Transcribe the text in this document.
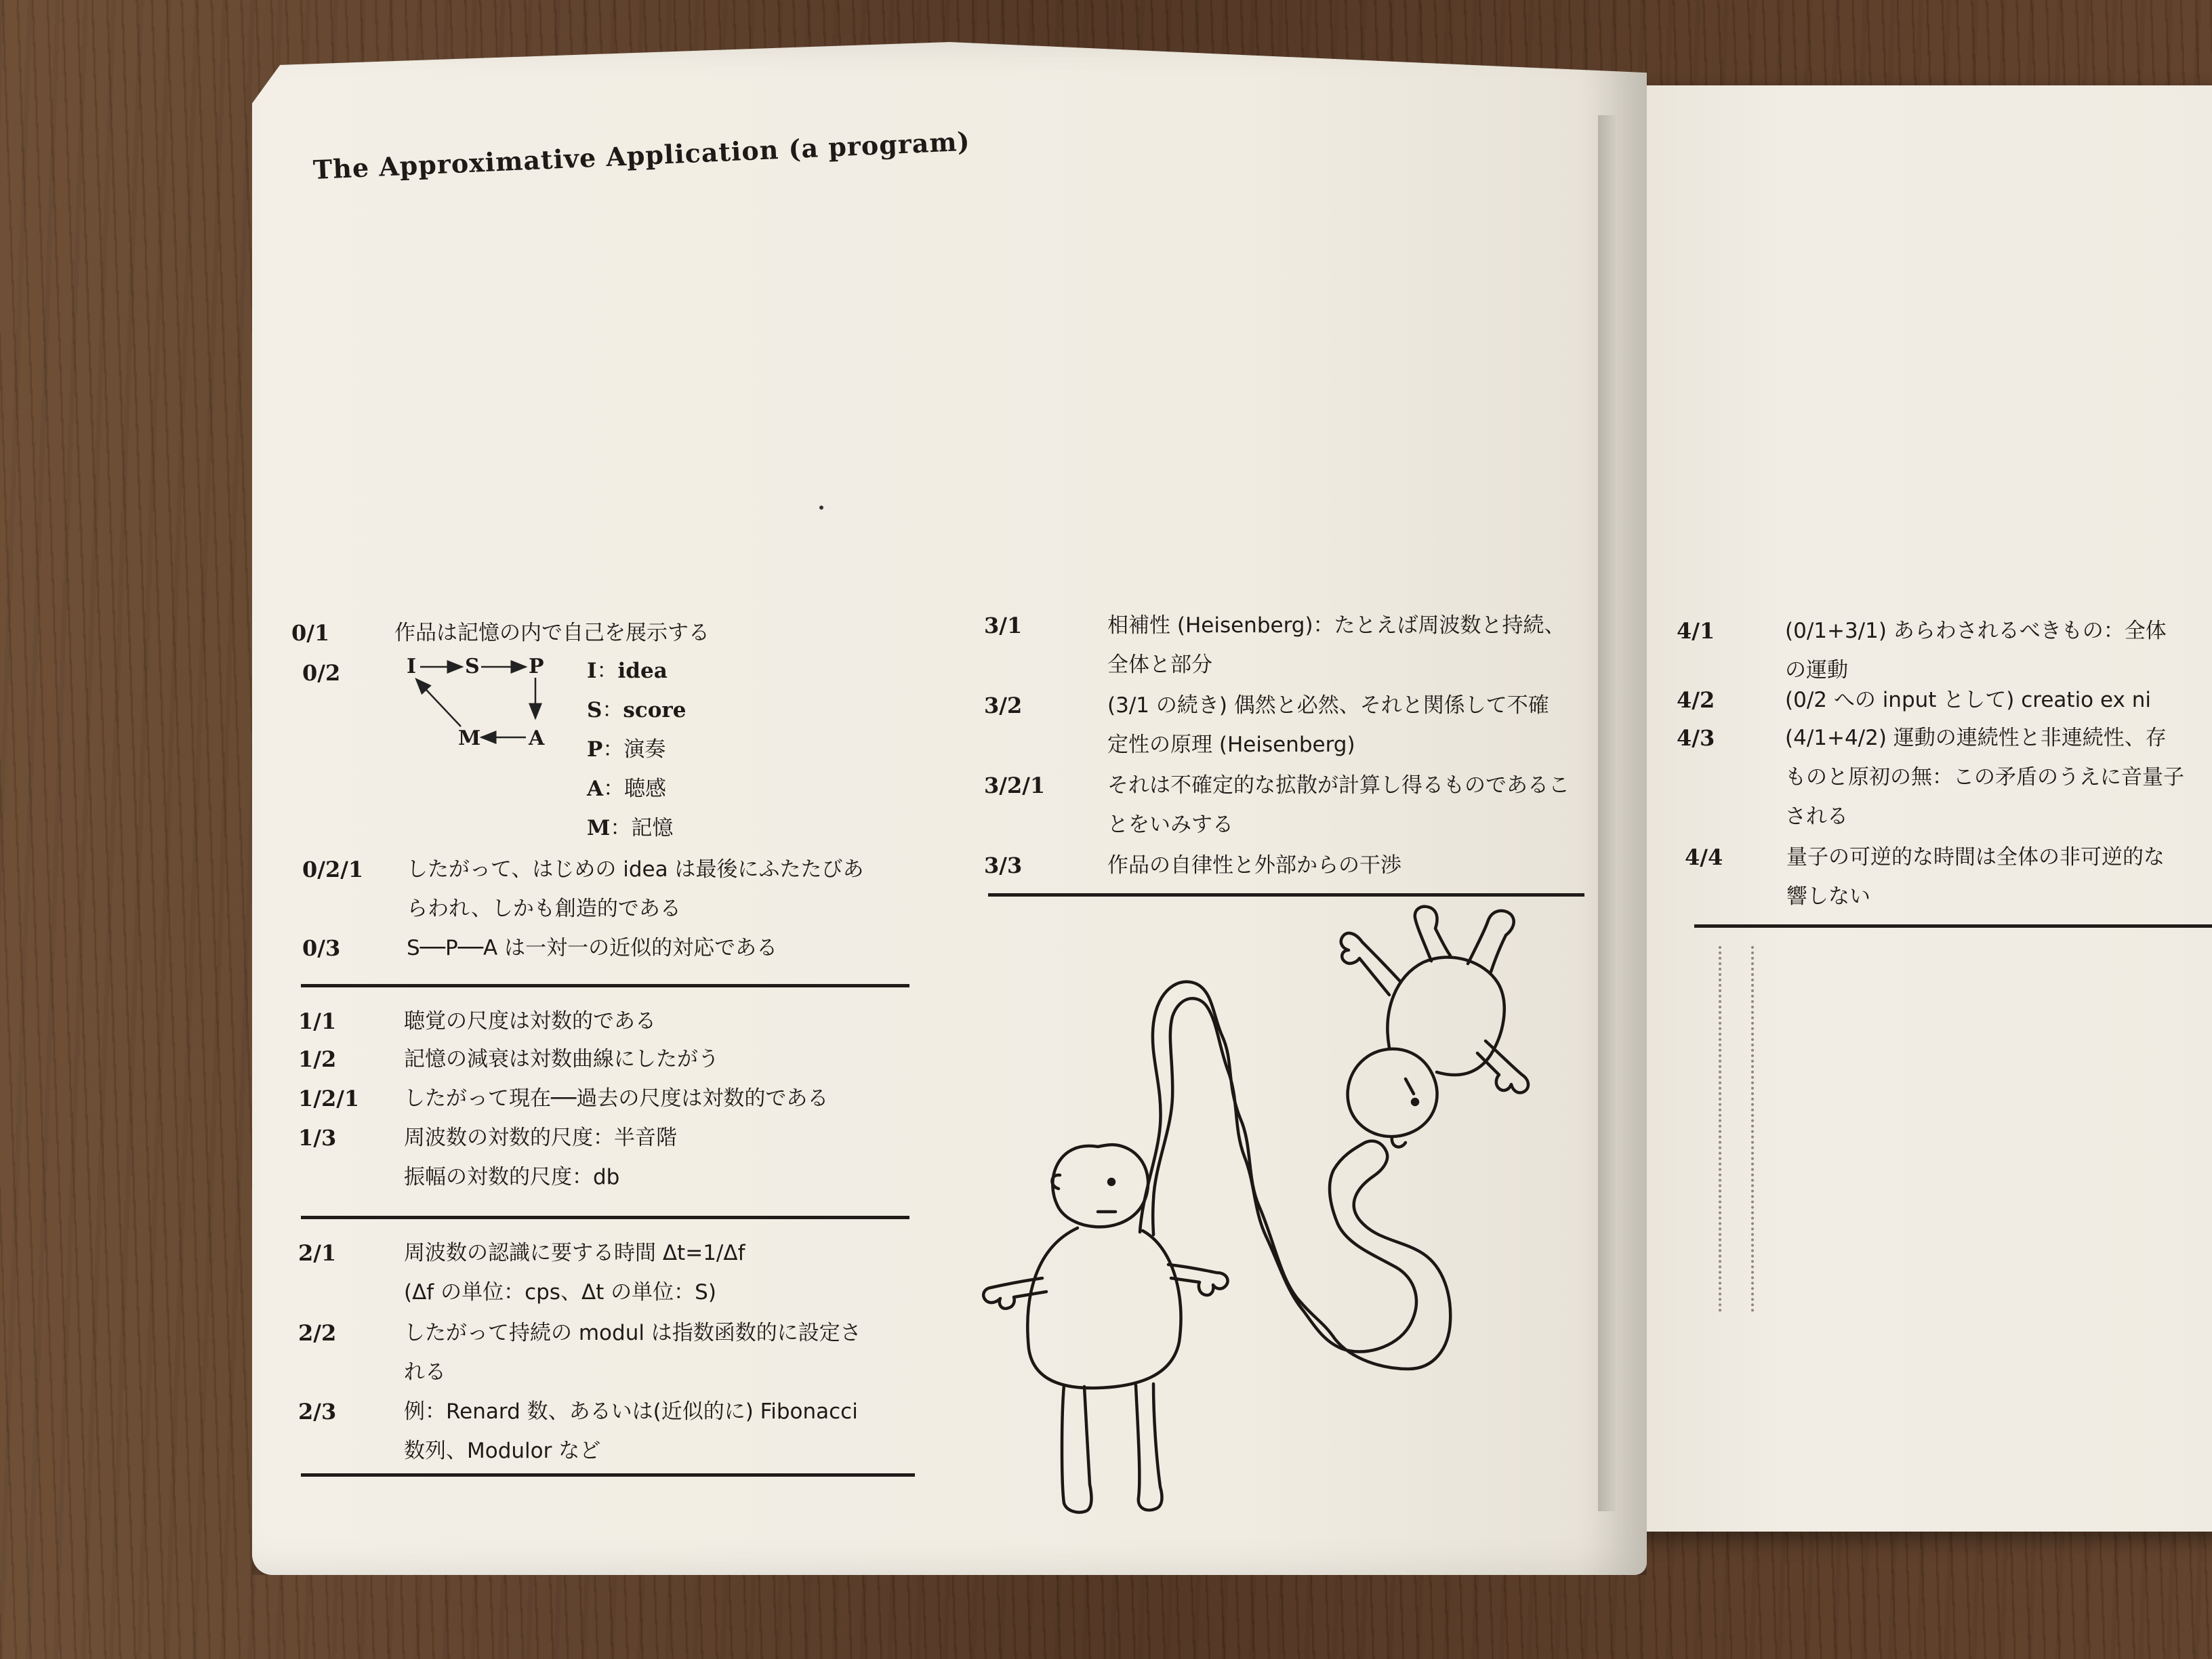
The Approximative Application (a program)
0/1	作品は記憶の内で自己を展示する
0/2	I S P
M A
I：idea
S：score
P：演奏
A：聴感
M：記憶
0/2/1 したがって、はじめの idea は最後にふたたびあ
らわれ、しかも創造的である
0/3	S──P──A は一対一の近似的対応である
1/1	聴覚の尺度は対数的である
1/2	記憶の減衰は対数曲線にしたがう
1/2/1 したがって現在──過去の尺度は対数的である
1/3	周波数の対数的尺度：半音階
振幅の対数的尺度：db
2/1	周波数の認識に要する時間 Δt=1/Δf
(Δf の単位：cps、Δt の単位：S)
2/2	したがって持続の modul は指数函数的に設定さ
れる
2/3	例：Renard 数、あるいは(近似的に) Fibonacci
数列、Modulor など
3/1	相補性 (Heisenberg)：たとえば周波数と持続、
全体と部分
3/2	(3/1 の続き) 偶然と必然、それと関係して不確
定性の原理 (Heisenberg)
3/2/1	それは不確定的な拡散が計算し得るものであるこ
とをいみする
3/3	作品の自律性と外部からの干渉
4/1	(0/1+3/1) あらわされるべきもの：全体
の運動
4/2	(0/2 への input として) creatio ex ni
4/3	(4/1+4/2) 運動の連続性と非連続性、存
ものと原初の無：この矛盾のうえに音量子
される
4/4	量子の可逆的な時間は全体の非可逆的な
響しない
